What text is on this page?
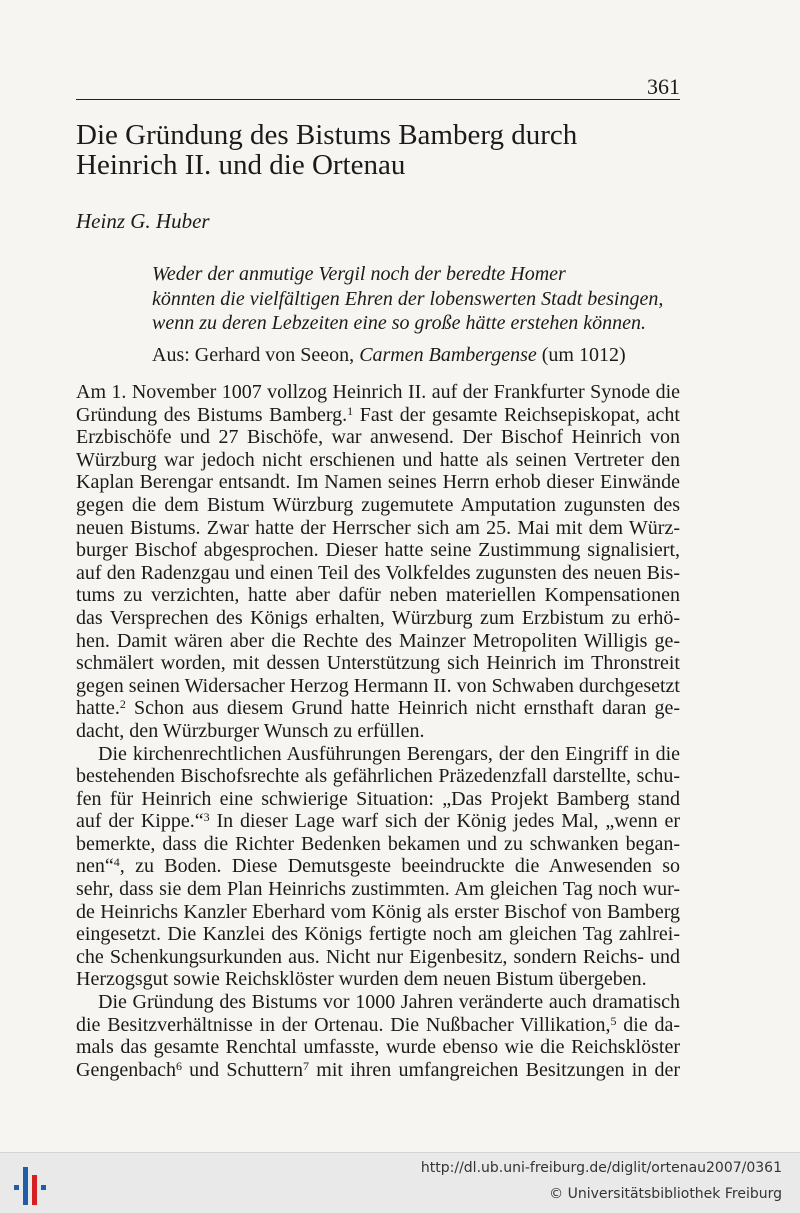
361
Die Gründung des Bistums Bamberg durch
Heinrich II. und die Ortenau
Heinz G. Huber
Weder der anmutige Vergil noch der beredte Homer
könnten die vielfältigen Ehren der lobenswerten Stadt besingen,
wenn zu deren Lebzeiten eine so große hätte erstehen können.
Aus: Gerhard von Seeon, Carmen Bambergense (um 1012)
Am 1. November 1007 vollzog Heinrich II. auf der Frankfurter Synode die
Gründung des Bistums Bamberg.$^1$ Fast der gesamte Reichsepiskopat, acht
Erzbischöfe und 27 Bischöfe, war anwesend. Der Bischof Heinrich von
Würzburg war jedoch nicht erschienen und hatte als seinen Vertreter den
Kaplan Berengar entsandt. Im Namen seines Herrn erhob dieser Einwände
gegen die dem Bistum Würzburg zugemutete Amputation zugunsten des
neuen Bistums. Zwar hatte der Herrscher sich am 25. Mai mit dem Würz-
burger Bischof abgesprochen. Dieser hatte seine Zustimmung signalisiert,
auf den Radenzgau und einen Teil des Volkfeldes zugunsten des neuen Bis-
tums zu verzichten, hatte aber dafür neben materiellen Kompensationen
das Versprechen des Königs erhalten, Würzburg zum Erzbistum zu erhö-
hen. Damit wären aber die Rechte des Mainzer Metropoliten Willigis ge-
schmälert worden, mit dessen Unterstützung sich Heinrich im Thronstreit
gegen seinen Widersacher Herzog Hermann II. von Schwaben durchgesetzt
hatte.$^2$ Schon aus diesem Grund hatte Heinrich nicht ernsthaft daran ge-
dacht, den Würzburger Wunsch zu erfüllen.
Die kirchenrechtlichen Ausführungen Berengars, der den Eingriff in die
bestehenden Bischofsrechte als gefährlichen Präzedenzfall darstellte, schu-
fen für Heinrich eine schwierige Situation: „Das Projekt Bamberg stand
auf der Kippe.“$^3$ In dieser Lage warf sich der König jedes Mal, „wenn er
bemerkte, dass die Richter Bedenken bekamen und zu schwanken began-
nen“$^4$, zu Boden. Diese Demutsgeste beeindruckte die Anwesenden so
sehr, dass sie dem Plan Heinrichs zustimmten. Am gleichen Tag noch wur-
de Heinrichs Kanzler Eberhard vom König als erster Bischof von Bamberg
eingesetzt. Die Kanzlei des Königs fertigte noch am gleichen Tag zahlrei-
che Schenkungsurkunden aus. Nicht nur Eigenbesitz, sondern Reichs- und
Herzogsgut sowie Reichsklöster wurden dem neuen Bistum übergeben.
Die Gründung des Bistums vor 1000 Jahren veränderte auch dramatisch
die Besitzverhältnisse in der Ortenau. Die Nußbacher Villikation,$^5$ die da-
mals das gesamte Renchtal umfasste, wurde ebenso wie die Reichsklöster
Gengenbach$^6$ und Schuttern$^7$ mit ihren umfangreichen Besitzungen in der
http://dl.ub.uni-freiburg.de/diglit/ortenau2007/0361
© Universitätsbibliothek Freiburg
